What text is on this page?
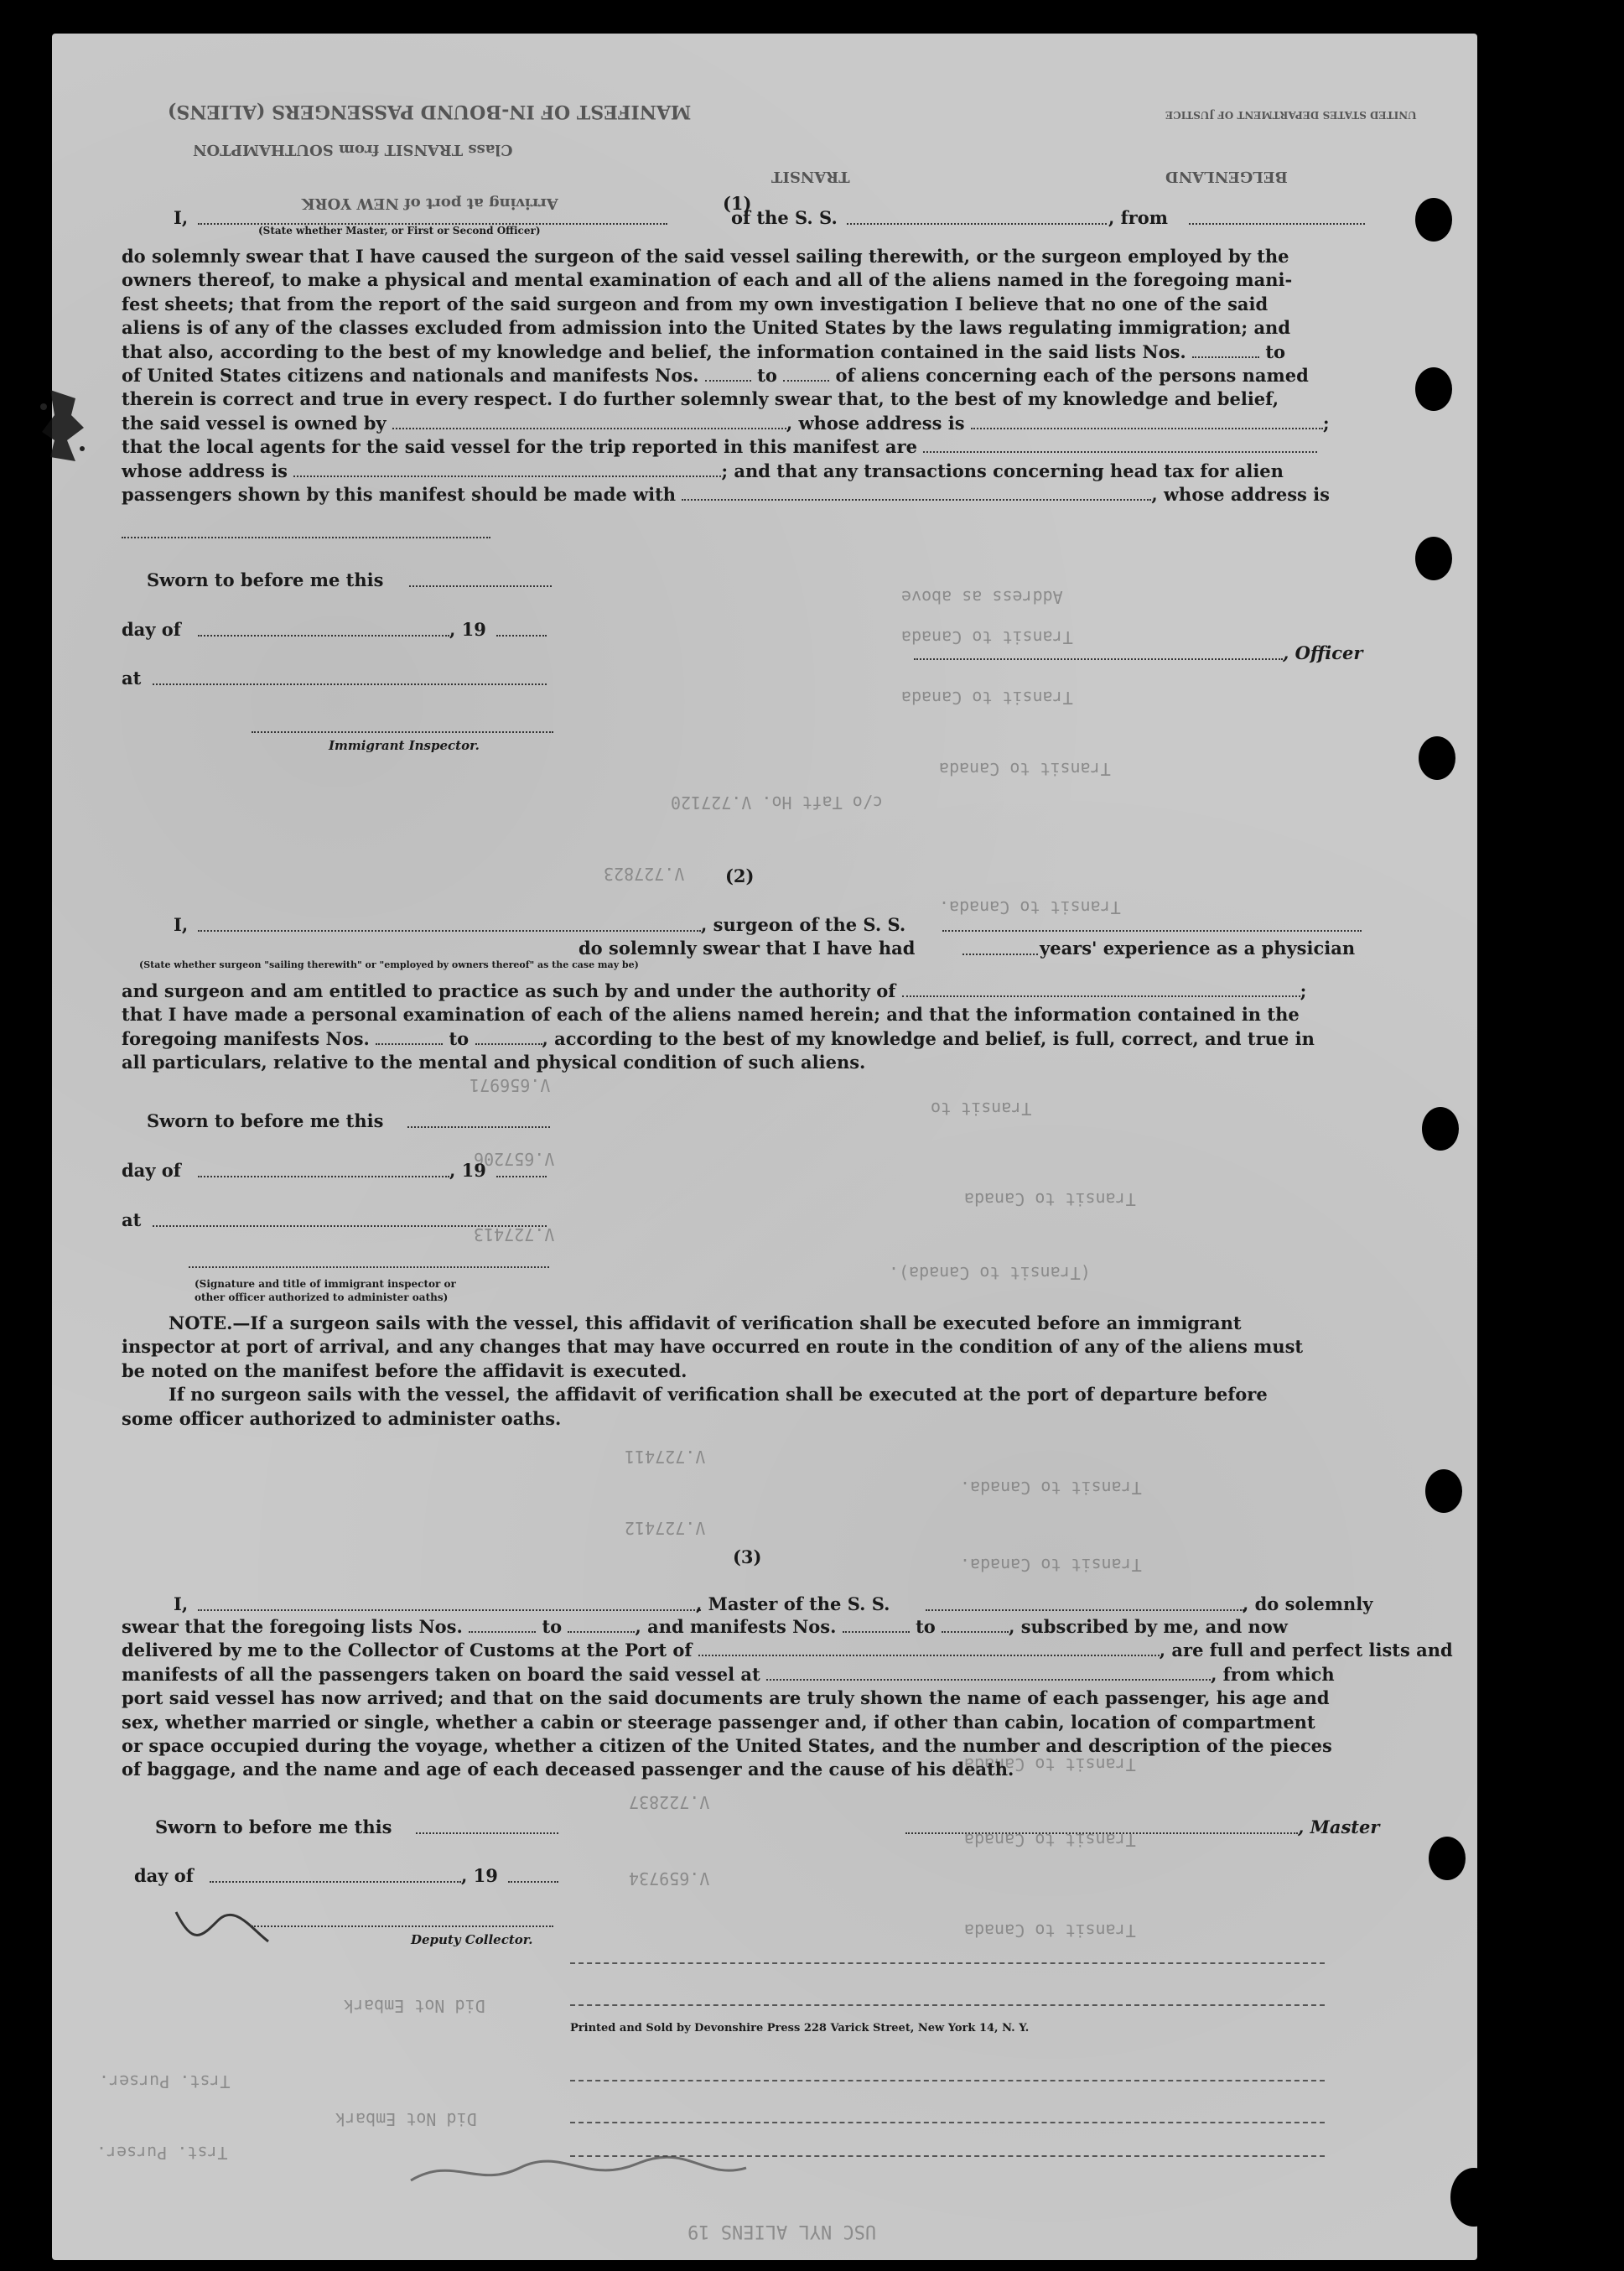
MANIFEST OF IN-BOUND PASSENGERS (ALIENS)
Class TRANSIT from SOUTHAMPTON
Arriving at port of NEW YORK
TRANSIT
UNITED STATES DEPARTMENT OF JUSTICE
BELGENLAND
Transit to Canada
Address as above
Transit to Canada
Transit to Canada
c/o Taft Ho. V.727120
V.727823
Transit to Canada.
Transit to
V.656971
V.657206
Transit to Canada
V.727413
(Transit to Canada).
V.727411
Transit to Canada.
V.727412
Transit to Canada.
Transit to Canada
V.722837
Transit to Canada
V.659734
Transit to Canada
Did Not Embark
Trst. Purser.
Did Not Embark
Trst. Purser.
USC NYL ALIENS 19
(1)
I,	of the S. S.	, from
(State whether Master, or First or Second Officer)
do solemnly swear that I have caused the surgeon of the said vessel sailing therewith, or the surgeon employed by the
owners thereof, to make a physical and mental examination of each and all of the aliens named in the foregoing mani-
fest sheets; that from the report of the said surgeon and from my own investigation I believe that no one of the said
aliens is of any of the classes excluded from admission into the United States by the laws regulating immigration; and
that also, according to the best of my knowledge and belief, the information contained in the said lists Nos.	to
of United States citizens and nationals and manifests Nos.	to	of aliens concerning each of the persons named
therein is correct and true in every respect. I do further solemnly swear that, to the best of my knowledge and belief,
the said vessel is owned by	, whose address is	;
that the local agents for the said vessel for the trip reported in this manifest are
whose address is	; and that any transactions concerning head tax for alien
passengers shown by this manifest should be made with	, whose address is
Sworn to before me this
day of	, 19
at
, Officer
Immigrant Inspector.
(2)
I,	, surgeon of the S. S.
do solemnly swear that I have had	years' experience as a physician
(State whether surgeon "sailing therewith" or "employed by owners thereof" as the case may be)
and surgeon and am entitled to practice as such by and under the authority of	;
that I have made a personal examination of each of the aliens named herein; and that the information contained in the
foregoing manifests Nos.	to	, according to the best of my knowledge and belief, is full, correct, and true in
all particulars, relative to the mental and physical condition of such aliens.
Sworn to before me this
day of	, 19
at
(Signature and title of immigrant inspector or
other officer authorized to administer oaths)
NOTE.—If a surgeon sails with the vessel, this affidavit of verification shall be executed before an immigrant
inspector at port of arrival, and any changes that may have occurred en route in the condition of any of the aliens must
be noted on the manifest before the affidavit is executed.
If no surgeon sails with the vessel, the affidavit of verification shall be executed at the port of departure before
some officer authorized to administer oaths.
(3)
I,	, Master of the S. S.	, do solemnly
swear that the foregoing lists Nos.	to	, and manifests Nos.	to	, subscribed by me, and now
delivered by me to the Collector of Customs at the Port of	, are full and perfect lists and
manifests of all the passengers taken on board the said vessel at	, from which
port said vessel has now arrived; and that on the said documents are truly shown the name of each passenger, his age and
sex, whether married or single, whether a cabin or steerage passenger and, if other than cabin, location of compartment
or space occupied during the voyage, whether a citizen of the United States, and the number and description of the pieces
of baggage, and the name and age of each deceased passenger and the cause of his death.
Sworn to before me this	, Master
day of	, 19
Deputy Collector.
Printed and Sold by Devonshire Press 228 Varick Street, New York 14, N. Y.
